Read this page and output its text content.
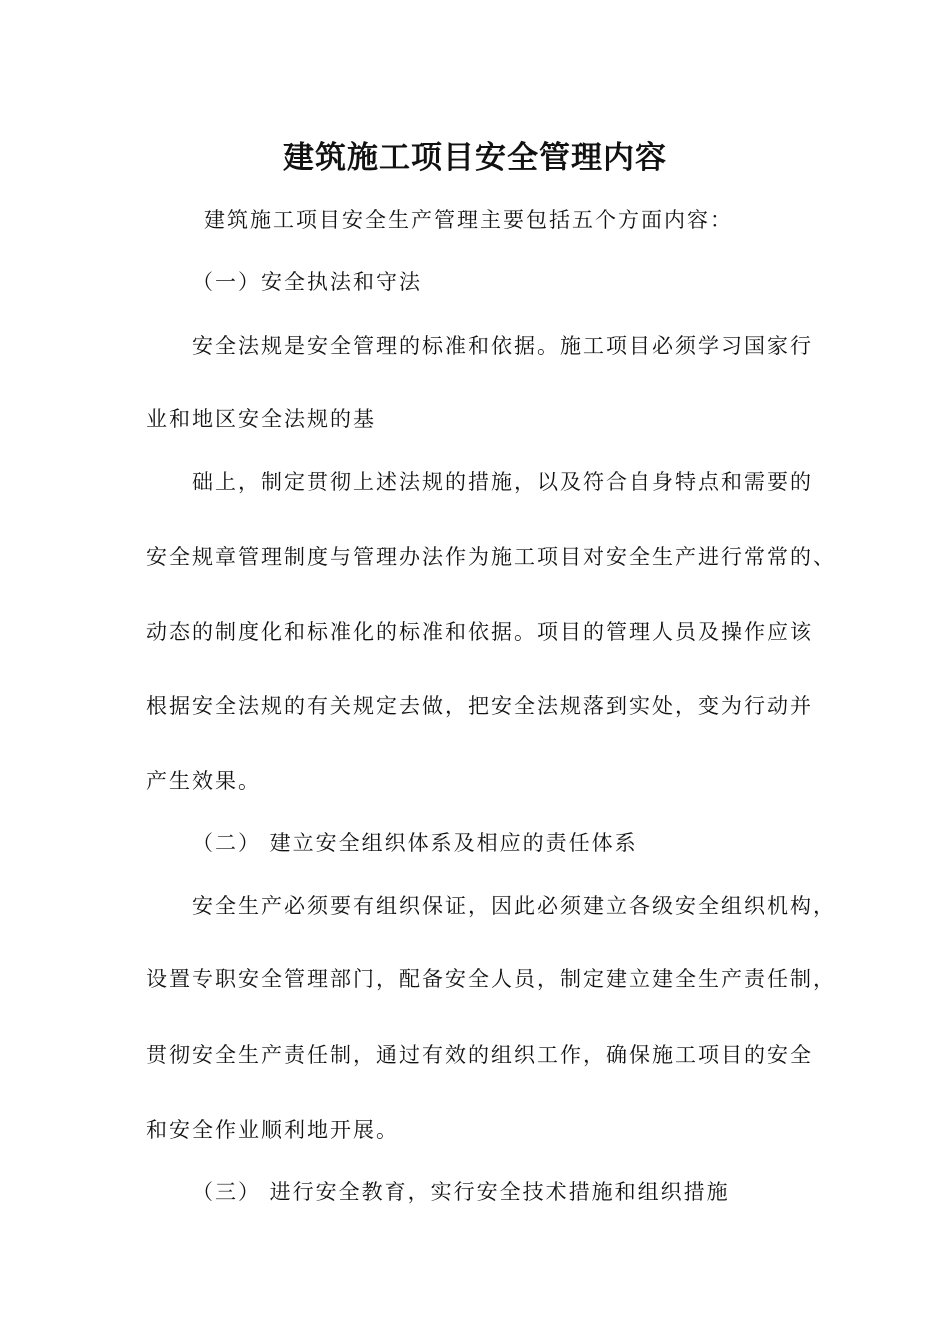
建筑施工项目安全管理内容
建筑施工项目安全生产管理主要包括五个方面内容：
（一）安全执法和守法
安全法规是安全管理的标准和依据。施工项目必须学习国家行
业和地区安全法规的基
础上，制定贯彻上述法规的措施，以及符合自身特点和需要的
安全规章管理制度与管理办法作为施工项目对安全生产进行常常的、
动态的制度化和标准化的标准和依据。项目的管理人员及操作应该
根据安全法规的有关规定去做，把安全法规落到实处，变为行动并
产生效果。
（二） 建立安全组织体系及相应的责任体系
安全生产必须要有组织保证，因此必须建立各级安全组织机构，
设置专职安全管理部门，配备安全人员，制定建立建全生产责任制，
贯彻安全生产责任制，通过有效的组织工作，确保施工项目的安全
和安全作业顺利地开展。
（三） 进行安全教育，实行安全技术措施和组织措施
